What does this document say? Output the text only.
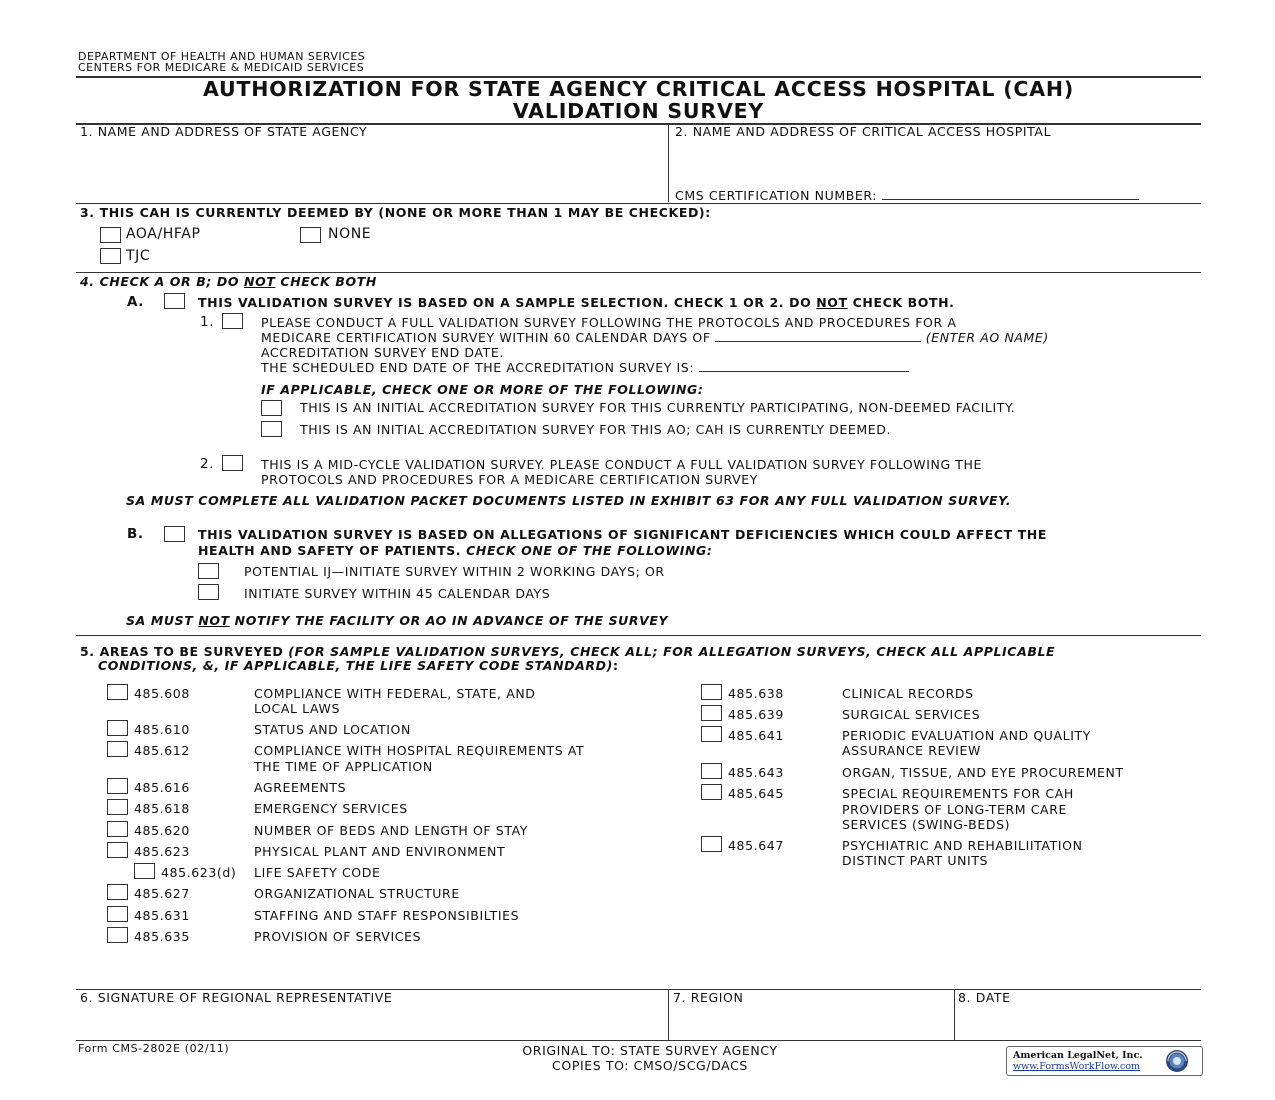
DEPARTMENT OF HEALTH AND HUMAN SERVICES
CENTERS FOR MEDICARE & MEDICAID SERVICES
AUTHORIZATION FOR STATE AGENCY CRITICAL ACCESS HOSPITAL (CAH)
VALIDATION SURVEY
1. NAME AND ADDRESS OF STATE AGENCY	2. NAME AND ADDRESS OF CRITICAL ACCESS HOSPITAL
CMS CERTIFICATION NUMBER:
3. THIS CAH IS CURRENTLY DEEMED BY (NONE OR MORE THAN 1 MAY BE CHECKED):
AOA/HFAP	NONE
TJC
4. CHECK A OR B; DO NOT CHECK BOTH
A.	THIS VALIDATION SURVEY IS BASED ON A SAMPLE SELECTION. CHECK 1 OR 2. DO NOT CHECK BOTH.
1.	PLEASE CONDUCT A FULL VALIDATION SURVEY FOLLOWING THE PROTOCOLS AND PROCEDURES FOR A
MEDICARE CERTIFICATION SURVEY WITHIN 60 CALENDAR DAYS OF	(ENTER AO NAME)
ACCREDITATION SURVEY END DATE.
THE SCHEDULED END DATE OF THE ACCREDITATION SURVEY IS:
IF APPLICABLE, CHECK ONE OR MORE OF THE FOLLOWING:
THIS IS AN INITIAL ACCREDITATION SURVEY FOR THIS CURRENTLY PARTICIPATING, NON-DEEMED FACILITY.
THIS IS AN INITIAL ACCREDITATION SURVEY FOR THIS AO; CAH IS CURRENTLY DEEMED.
2.	THIS IS A MID-CYCLE VALIDATION SURVEY. PLEASE CONDUCT A FULL VALIDATION SURVEY FOLLOWING THE
PROTOCOLS AND PROCEDURES FOR A MEDICARE CERTIFICATION SURVEY
SA MUST COMPLETE ALL VALIDATION PACKET DOCUMENTS LISTED IN EXHIBIT 63 FOR ANY FULL VALIDATION SURVEY.
B.	THIS VALIDATION SURVEY IS BASED ON ALLEGATIONS OF SIGNIFICANT DEFICIENCIES WHICH COULD AFFECT THE
HEALTH AND SAFETY OF PATIENTS. CHECK ONE OF THE FOLLOWING:
POTENTIAL IJ—INITIATE SURVEY WITHIN 2 WORKING DAYS; OR
INITIATE SURVEY WITHIN 45 CALENDAR DAYS
SA MUST NOT NOTIFY THE FACILITY OR AO IN ADVANCE OF THE SURVEY
5. AREAS TO BE SURVEYED (FOR SAMPLE VALIDATION SURVEYS, CHECK ALL; FOR ALLEGATION SURVEYS, CHECK ALL APPLICABLE
CONDITIONS, &, IF APPLICABLE, THE LIFE SAFETY CODE STANDARD):
485.608	COMPLIANCE WITH FEDERAL, STATE, AND
LOCAL LAWS
485.610	STATUS AND LOCATION
485.612	COMPLIANCE WITH HOSPITAL REQUIREMENTS AT
THE TIME OF APPLICATION
485.616	AGREEMENTS
485.618	EMERGENCY SERVICES
485.620	NUMBER OF BEDS AND LENGTH OF STAY
485.623	PHYSICAL PLANT AND ENVIRONMENT
485.623(d) LIFE SAFETY CODE
485.627	ORGANIZATIONAL STRUCTURE
485.631	STAFFING AND STAFF RESPONSIBILTIES
485.635	PROVISION OF SERVICES
485.638	CLINICAL RECORDS
485.639	SURGICAL SERVICES
485.641	PERIODIC EVALUATION AND QUALITY
ASSURANCE REVIEW
485.643	ORGAN, TISSUE, AND EYE PROCUREMENT
485.645	SPECIAL REQUIREMENTS FOR CAH
PROVIDERS OF LONG-TERM CARE
SERVICES (SWING-BEDS)
485.647	PSYCHIATRIC AND REHABILIITATION
DISTINCT PART UNITS
6. SIGNATURE OF REGIONAL REPRESENTATIVE	7. REGION	8. DATE
Form CMS-2802E (02/11)	ORIGINAL TO: STATE SURVEY AGENCY
COPIES TO: CMSO/SCG/DACS
American LegalNet, Inc.
www.FormsWorkFlow.com
